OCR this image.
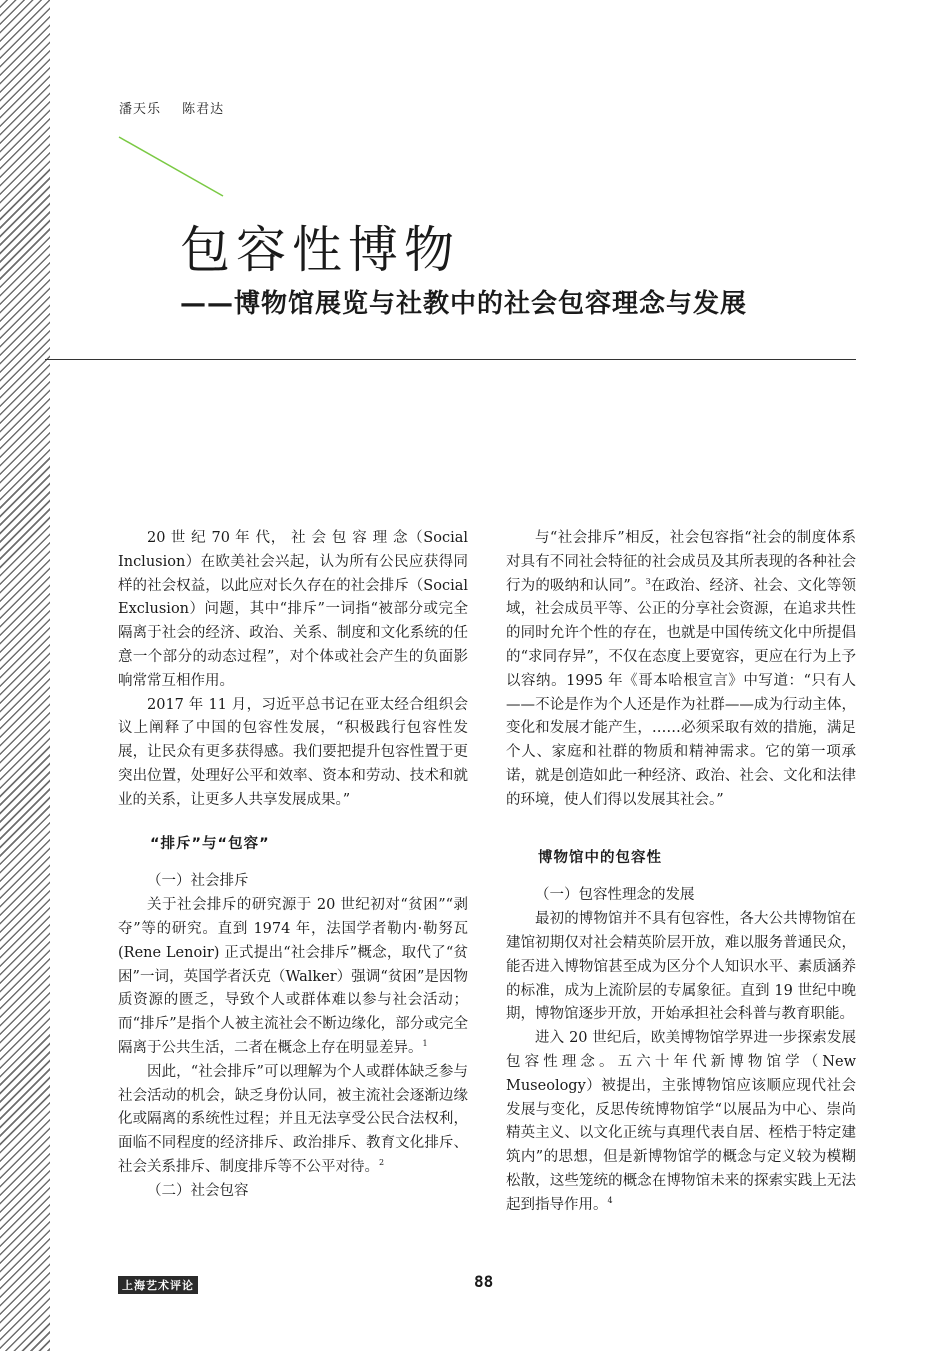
潘天乐 陈君达
包容性博物
——博物馆展览与社教中的社会包容理念与发展

20 世 纪 70 年 代， 社 会 包 容 理 念（Social Inclusion）在欧美社会兴起，认为所有公民应获得同样的社会权益，以此应对长久存在的社会排斥（Social Exclusion）问题，其中“排斥”一词指“被部分或完全隔离于社会的经济、政治、关系、制度和文化系统的任意一个部分的动态过程”，对个体或社会产生的负面影响常常互相作用。

2017 年 11 月，习近平总书记在亚太经合组织会议上阐释了中国的包容性发展，“积极践行包容性发展，让民众有更多获得感。我们要把提升包容性置于更突出位置，处理好公平和效率、资本和劳动、技术和就业的关系，让更多人共享发展成果。”

“排斥”与“包容”
（一）社会排斥

关于社会排斥的研究源于 20 世纪初对“贫困”“剥夺”等的研究。直到 1974 年，法国学者勒内·勒努瓦 (Rene Lenoir) 正式提出“社会排斥”概念，取代了“贫困”一词，英国学者沃克（Walker）强调“贫困”是因物质资源的匮乏，导致个人或群体难以参与社会活动；而“排斥”是指个人被主流社会不断边缘化，部分或完全隔离于公共生活，二者在概念上存在明显差异。$^1$

因此，“社会排斥”可以理解为个人或群体缺乏参与社会活动的机会，缺乏身份认同，被主流社会逐渐边缘化或隔离的系统性过程；并且无法享受公民合法权利，面临不同程度的经济排斥、政治排斥、教育文化排斥、社会关系排斥、制度排斥等不公平对待。$^2$

（二）社会包容

与“社会排斥”相反，社会包容指“社会的制度体系对具有不同社会特征的社会成员及其所表现的各种社会行为的吸纳和认同”。$^3$在政治、经济、社会、文化等领域，社会成员平等、公正的分享社会资源，在追求共性的同时允许个性的存在，也就是中国传统文化中所提倡的“求同存异”，不仅在态度上要宽容，更应在行为上予以容纳。1995 年《哥本哈根宣言》中写道：“只有人——不论是作为个人还是作为社群——成为行动主体，变化和发展才能产生，……必须采取有效的措施，满足个人、家庭和社群的物质和精神需求。它的第一项承诺，就是创造如此一种经济、政治、社会、文化和法律的环境，使人们得以发展其社会。”

博物馆中的包容性
（一）包容性理念的发展

最初的博物馆并不具有包容性，各大公共博物馆在建馆初期仅对社会精英阶层开放，难以服务普通民众，能否进入博物馆甚至成为区分个人知识水平、素质涵养的标准，成为上流阶层的专属象征。直到 19 世纪中晚期，博物馆逐步开放，开始承担社会科普与教育职能。

进入 20 世纪后，欧美博物馆学界进一步探索发展包容性理念。五六十年代新博物馆学（New Museology）被提出，主张博物馆应该顺应现代社会发展与变化，反思传统博物馆学“以展品为中心、崇尚精英主义、以文化正统与真理代表自居、桎梏于特定建筑内”的思想，但是新博物馆学的概念与定义较为模糊松散，这些笼统的概念在博物馆未来的探索实践上无法起到指导作用。$^4$

上海艺术评论	88
